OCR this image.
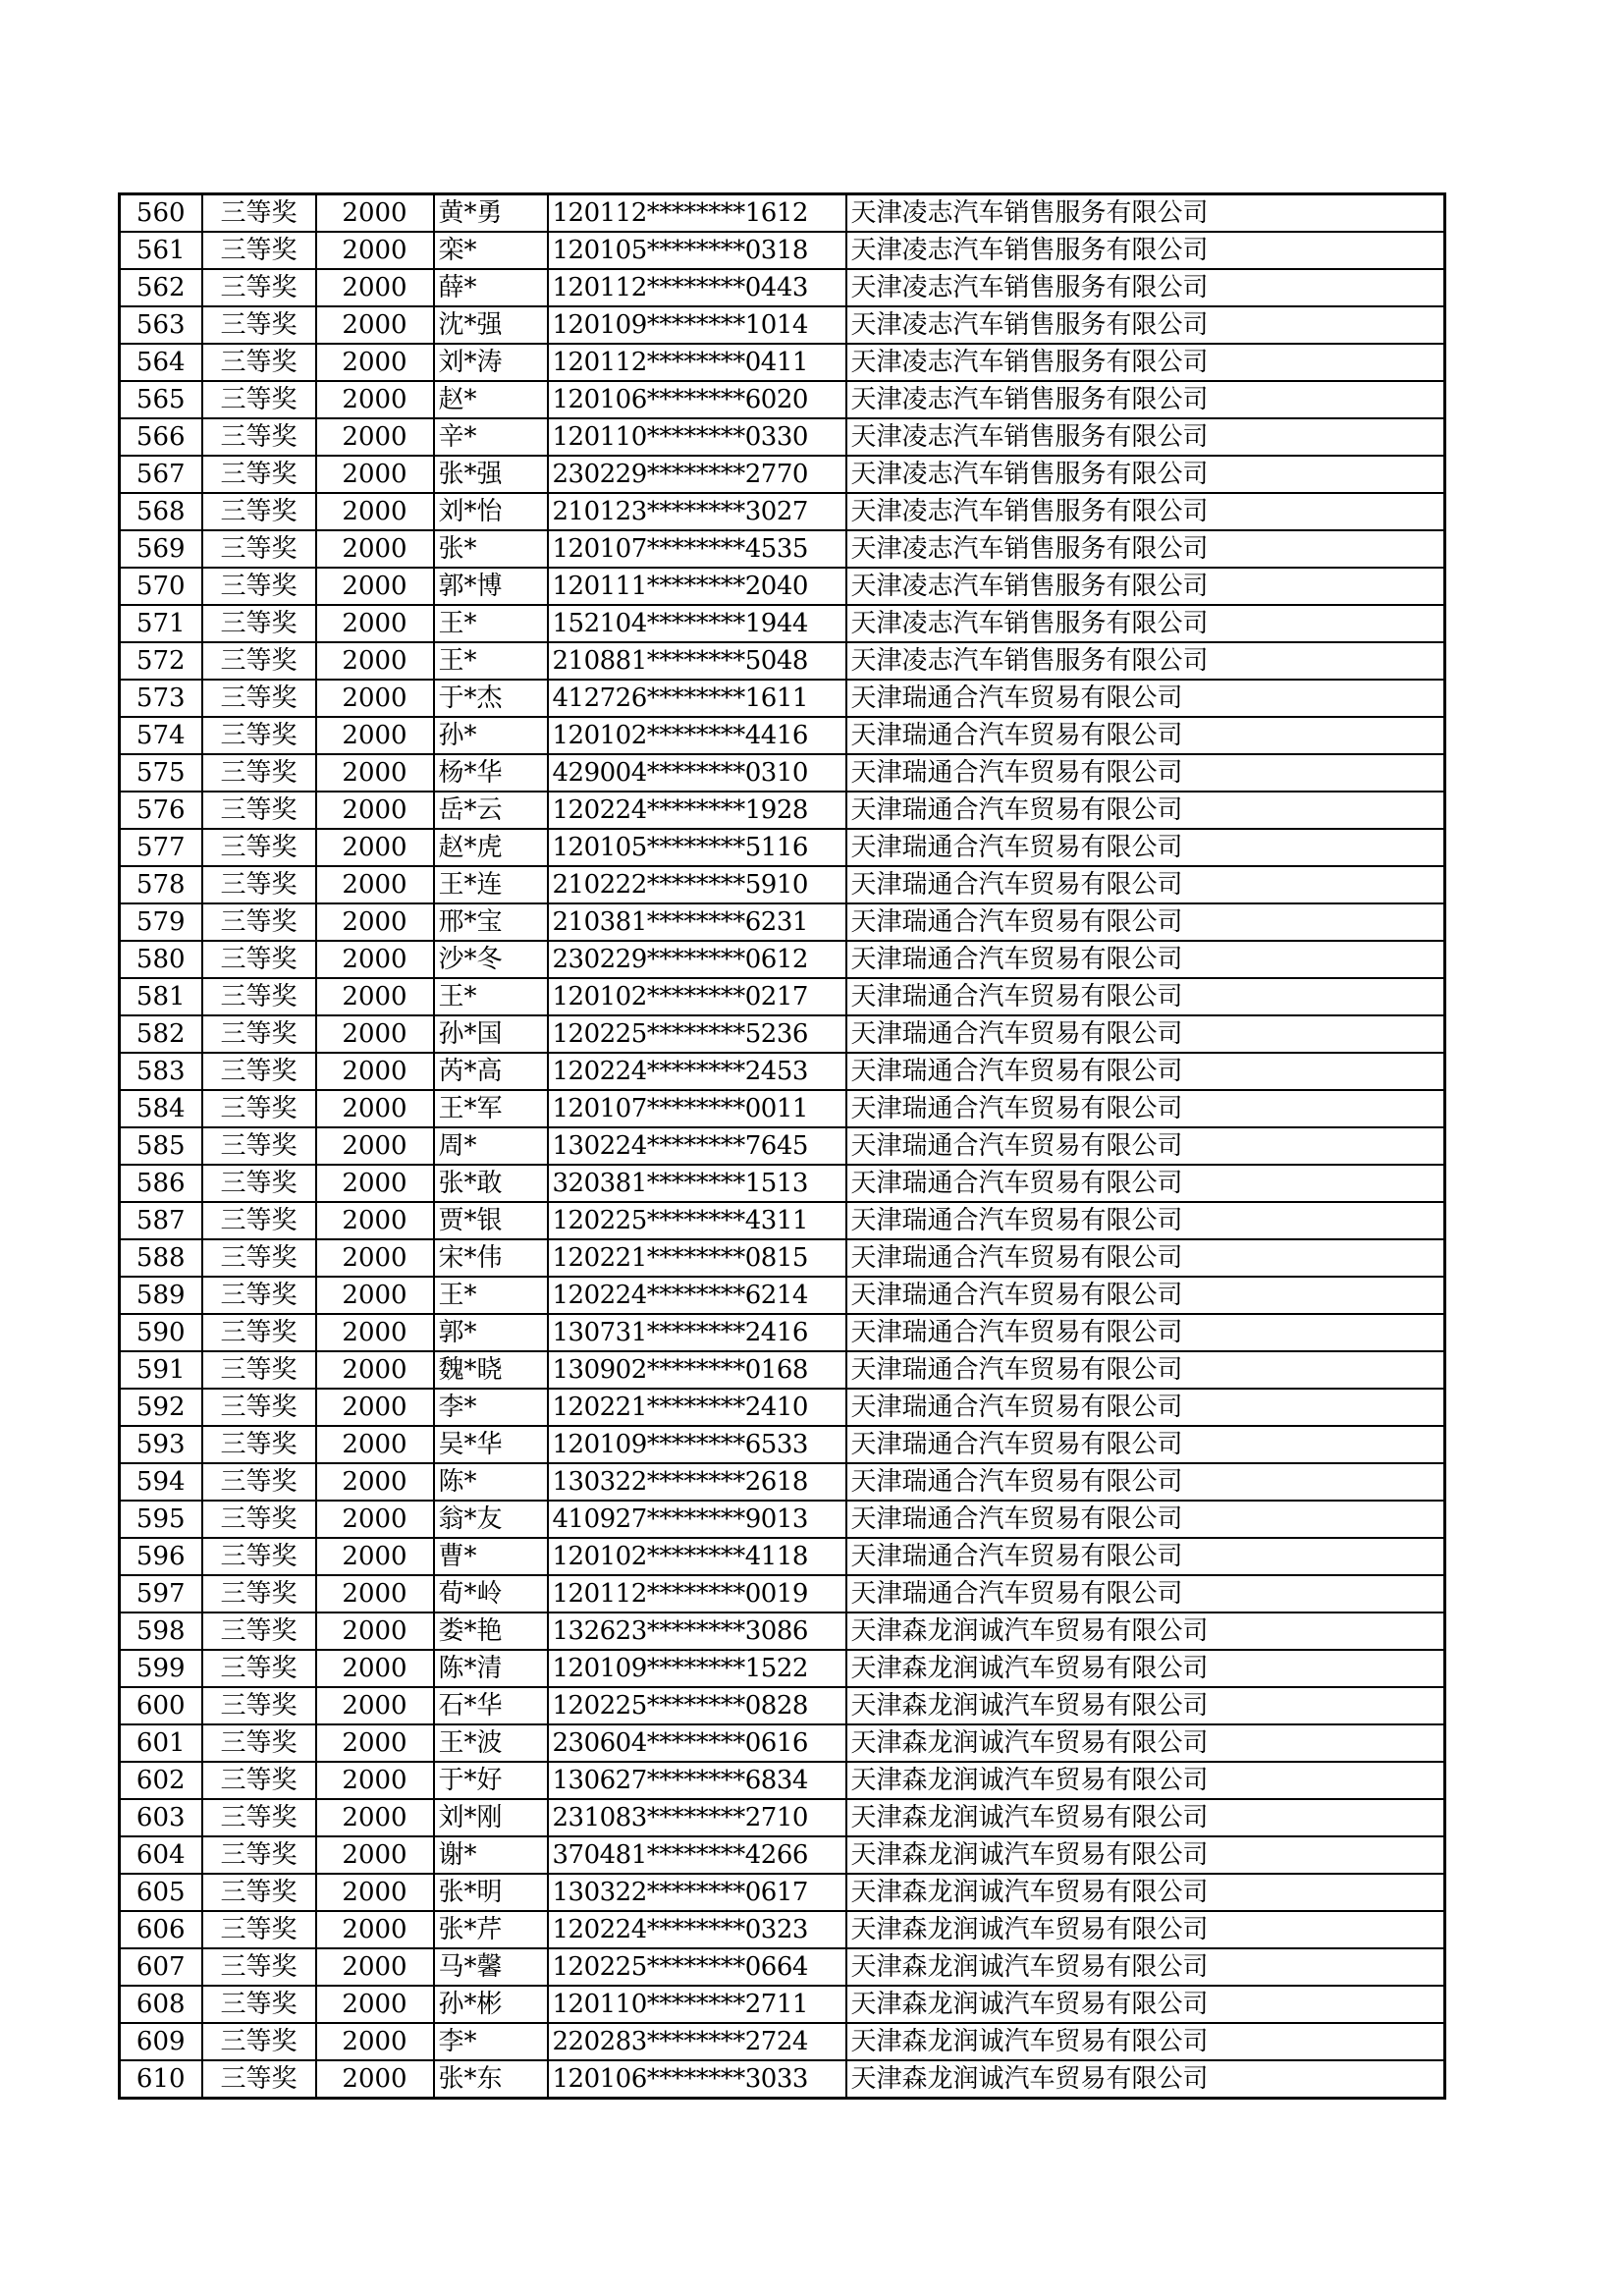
560	三等奖	2000	黄*勇	120112********1612	天津凌志汽车销售服务有限公司
561	三等奖	2000	栾*	120105********0318	天津凌志汽车销售服务有限公司
562	三等奖	2000	薛*	120112********0443	天津凌志汽车销售服务有限公司
563	三等奖	2000	沈*强	120109********1014	天津凌志汽车销售服务有限公司
564	三等奖	2000	刘*涛	120112********0411	天津凌志汽车销售服务有限公司
565	三等奖	2000	赵*	120106********6020	天津凌志汽车销售服务有限公司
566	三等奖	2000	辛*	120110********0330	天津凌志汽车销售服务有限公司
567	三等奖	2000	张*强	230229********2770	天津凌志汽车销售服务有限公司
568	三等奖	2000	刘*怡	210123********3027	天津凌志汽车销售服务有限公司
569	三等奖	2000	张*	120107********4535	天津凌志汽车销售服务有限公司
570	三等奖	2000	郭*博	120111********2040	天津凌志汽车销售服务有限公司
571	三等奖	2000	王*	152104********1944	天津凌志汽车销售服务有限公司
572	三等奖	2000	王*	210881********5048	天津凌志汽车销售服务有限公司
573	三等奖	2000	于*杰	412726********1611	天津瑞通合汽车贸易有限公司
574	三等奖	2000	孙*	120102********4416	天津瑞通合汽车贸易有限公司
575	三等奖	2000	杨*华	429004********0310	天津瑞通合汽车贸易有限公司
576	三等奖	2000	岳*云	120224********1928	天津瑞通合汽车贸易有限公司
577	三等奖	2000	赵*虎	120105********5116	天津瑞通合汽车贸易有限公司
578	三等奖	2000	王*连	210222********5910	天津瑞通合汽车贸易有限公司
579	三等奖	2000	邢*宝	210381********6231	天津瑞通合汽车贸易有限公司
580	三等奖	2000	沙*冬	230229********0612	天津瑞通合汽车贸易有限公司
581	三等奖	2000	王*	120102********0217	天津瑞通合汽车贸易有限公司
582	三等奖	2000	孙*国	120225********5236	天津瑞通合汽车贸易有限公司
583	三等奖	2000	芮*高	120224********2453	天津瑞通合汽车贸易有限公司
584	三等奖	2000	王*军	120107********0011	天津瑞通合汽车贸易有限公司
585	三等奖	2000	周*	130224********7645	天津瑞通合汽车贸易有限公司
586	三等奖	2000	张*敢	320381********1513	天津瑞通合汽车贸易有限公司
587	三等奖	2000	贾*银	120225********4311	天津瑞通合汽车贸易有限公司
588	三等奖	2000	宋*伟	120221********0815	天津瑞通合汽车贸易有限公司
589	三等奖	2000	王*	120224********6214	天津瑞通合汽车贸易有限公司
590	三等奖	2000	郭*	130731********2416	天津瑞通合汽车贸易有限公司
591	三等奖	2000	魏*晓	130902********0168	天津瑞通合汽车贸易有限公司
592	三等奖	2000	李*	120221********2410	天津瑞通合汽车贸易有限公司
593	三等奖	2000	吴*华	120109********6533	天津瑞通合汽车贸易有限公司
594	三等奖	2000	陈*	130322********2618	天津瑞通合汽车贸易有限公司
595	三等奖	2000	翁*友	410927********9013	天津瑞通合汽车贸易有限公司
596	三等奖	2000	曹*	120102********4118	天津瑞通合汽车贸易有限公司
597	三等奖	2000	荀*岭	120112********0019	天津瑞通合汽车贸易有限公司
598	三等奖	2000	娄*艳	132623********3086	天津森龙润诚汽车贸易有限公司
599	三等奖	2000	陈*清	120109********1522	天津森龙润诚汽车贸易有限公司
600	三等奖	2000	石*华	120225********0828	天津森龙润诚汽车贸易有限公司
601	三等奖	2000	王*波	230604********0616	天津森龙润诚汽车贸易有限公司
602	三等奖	2000	于*好	130627********6834	天津森龙润诚汽车贸易有限公司
603	三等奖	2000	刘*刚	231083********2710	天津森龙润诚汽车贸易有限公司
604	三等奖	2000	谢*	370481********4266	天津森龙润诚汽车贸易有限公司
605	三等奖	2000	张*明	130322********0617	天津森龙润诚汽车贸易有限公司
606	三等奖	2000	张*芹	120224********0323	天津森龙润诚汽车贸易有限公司
607	三等奖	2000	马*馨	120225********0664	天津森龙润诚汽车贸易有限公司
608	三等奖	2000	孙*彬	120110********2711	天津森龙润诚汽车贸易有限公司
609	三等奖	2000	李*	220283********2724	天津森龙润诚汽车贸易有限公司
610	三等奖	2000	张*东	120106********3033	天津森龙润诚汽车贸易有限公司
